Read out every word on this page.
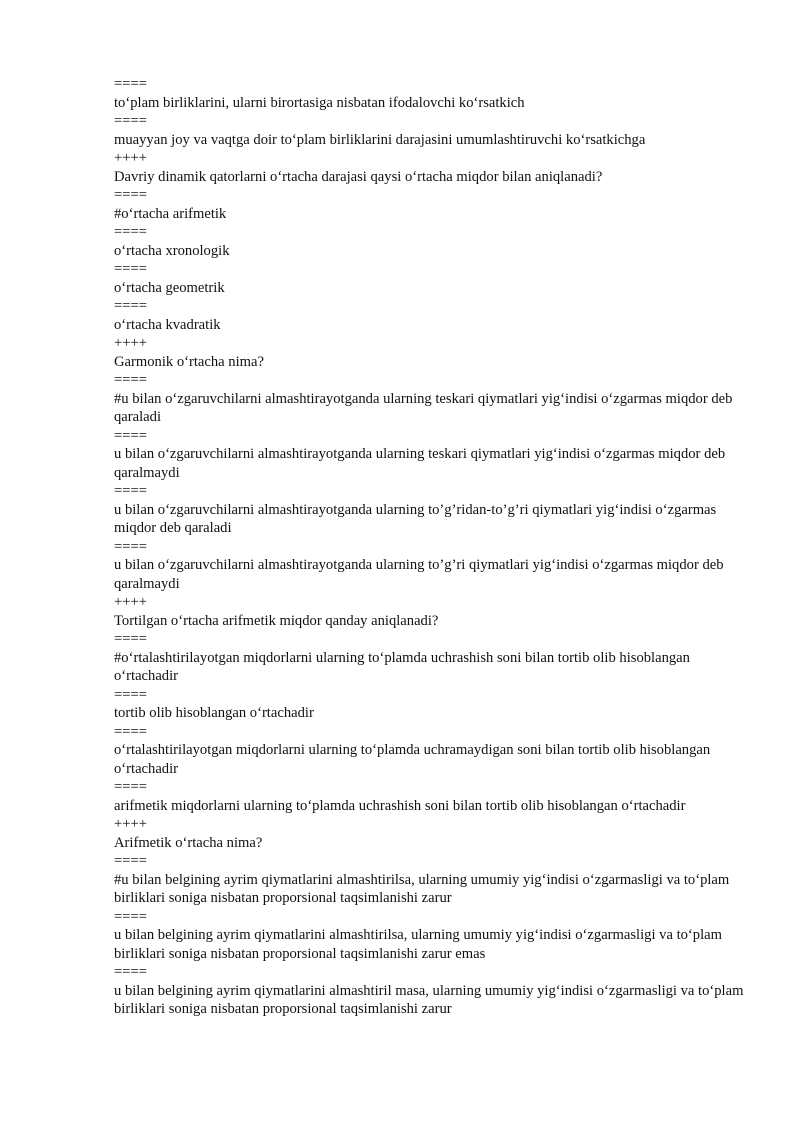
====

to‘plam birliklarini, ularni birortasiga nisbatan ifodalovchi ko‘rsatkich

====

muayyan joy va vaqtga doir to‘plam birliklarini darajasini umumlashtiruvchi ko‘rsatkichga

++++

Davriy dinamik qatorlarni o‘rtacha darajasi qaysi o‘rtacha miqdor bilan aniqlanadi?

====

#o‘rtacha arifmetik

====

o‘rtacha xronologik

====

o‘rtacha geometrik

====

o‘rtacha kvadratik

++++

Garmonik o‘rtacha nima?

====

#u bilan o‘zgaruvchilarni almashtirayotganda ularning teskari qiymatlari yig‘indisi o‘zgarmas miqdor deb qaraladi

====

u bilan o‘zgaruvchilarni almashtirayotganda ularning teskari qiymatlari yig‘indisi o‘zgarmas miqdor deb qaralmaydi

====

u bilan o‘zgaruvchilarni almashtirayotganda ularning to’g’ridan-to’g’ri qiymatlari yig‘indisi o‘zgarmas miqdor deb qaraladi

====

u bilan o‘zgaruvchilarni almashtirayotganda ularning to’g’ri qiymatlari yig‘indisi o‘zgarmas miqdor deb qaralmaydi

++++

Tortilgan o‘rtacha arifmetik miqdor qanday aniqlanadi?

====

#o‘rtalashtirilayotgan miqdorlarni ularning to‘plamda uchrashish soni bilan tortib olib hisoblangan o‘rtachadir

====

tortib olib hisoblangan o‘rtachadir

====

o‘rtalashtirilayotgan miqdorlarni ularning to‘plamda uchramaydigan soni bilan tortib olib hisoblangan o‘rtachadir

====

arifmetik miqdorlarni ularning to‘plamda uchrashish soni bilan tortib olib hisoblangan o‘rtachadir

++++

Arifmetik o‘rtacha nima?

====

#u bilan belgining ayrim qiymatlarini almashtirilsa, ularning umumiy yig‘indisi o‘zgarmasligi va to‘plam birliklari soniga nisbatan proporsional taqsimlanishi zarur

====

u bilan belgining ayrim qiymatlarini almashtirilsa, ularning umumiy yig‘indisi o‘zgarmasligi va to‘plam birliklari soniga nisbatan proporsional taqsimlanishi zarur emas

====

u bilan belgining ayrim qiymatlarini almashtiril masa, ularning umumiy yig‘indisi o‘zgarmasligi va to‘plam birliklari soniga nisbatan proporsional taqsimlanishi zarur
